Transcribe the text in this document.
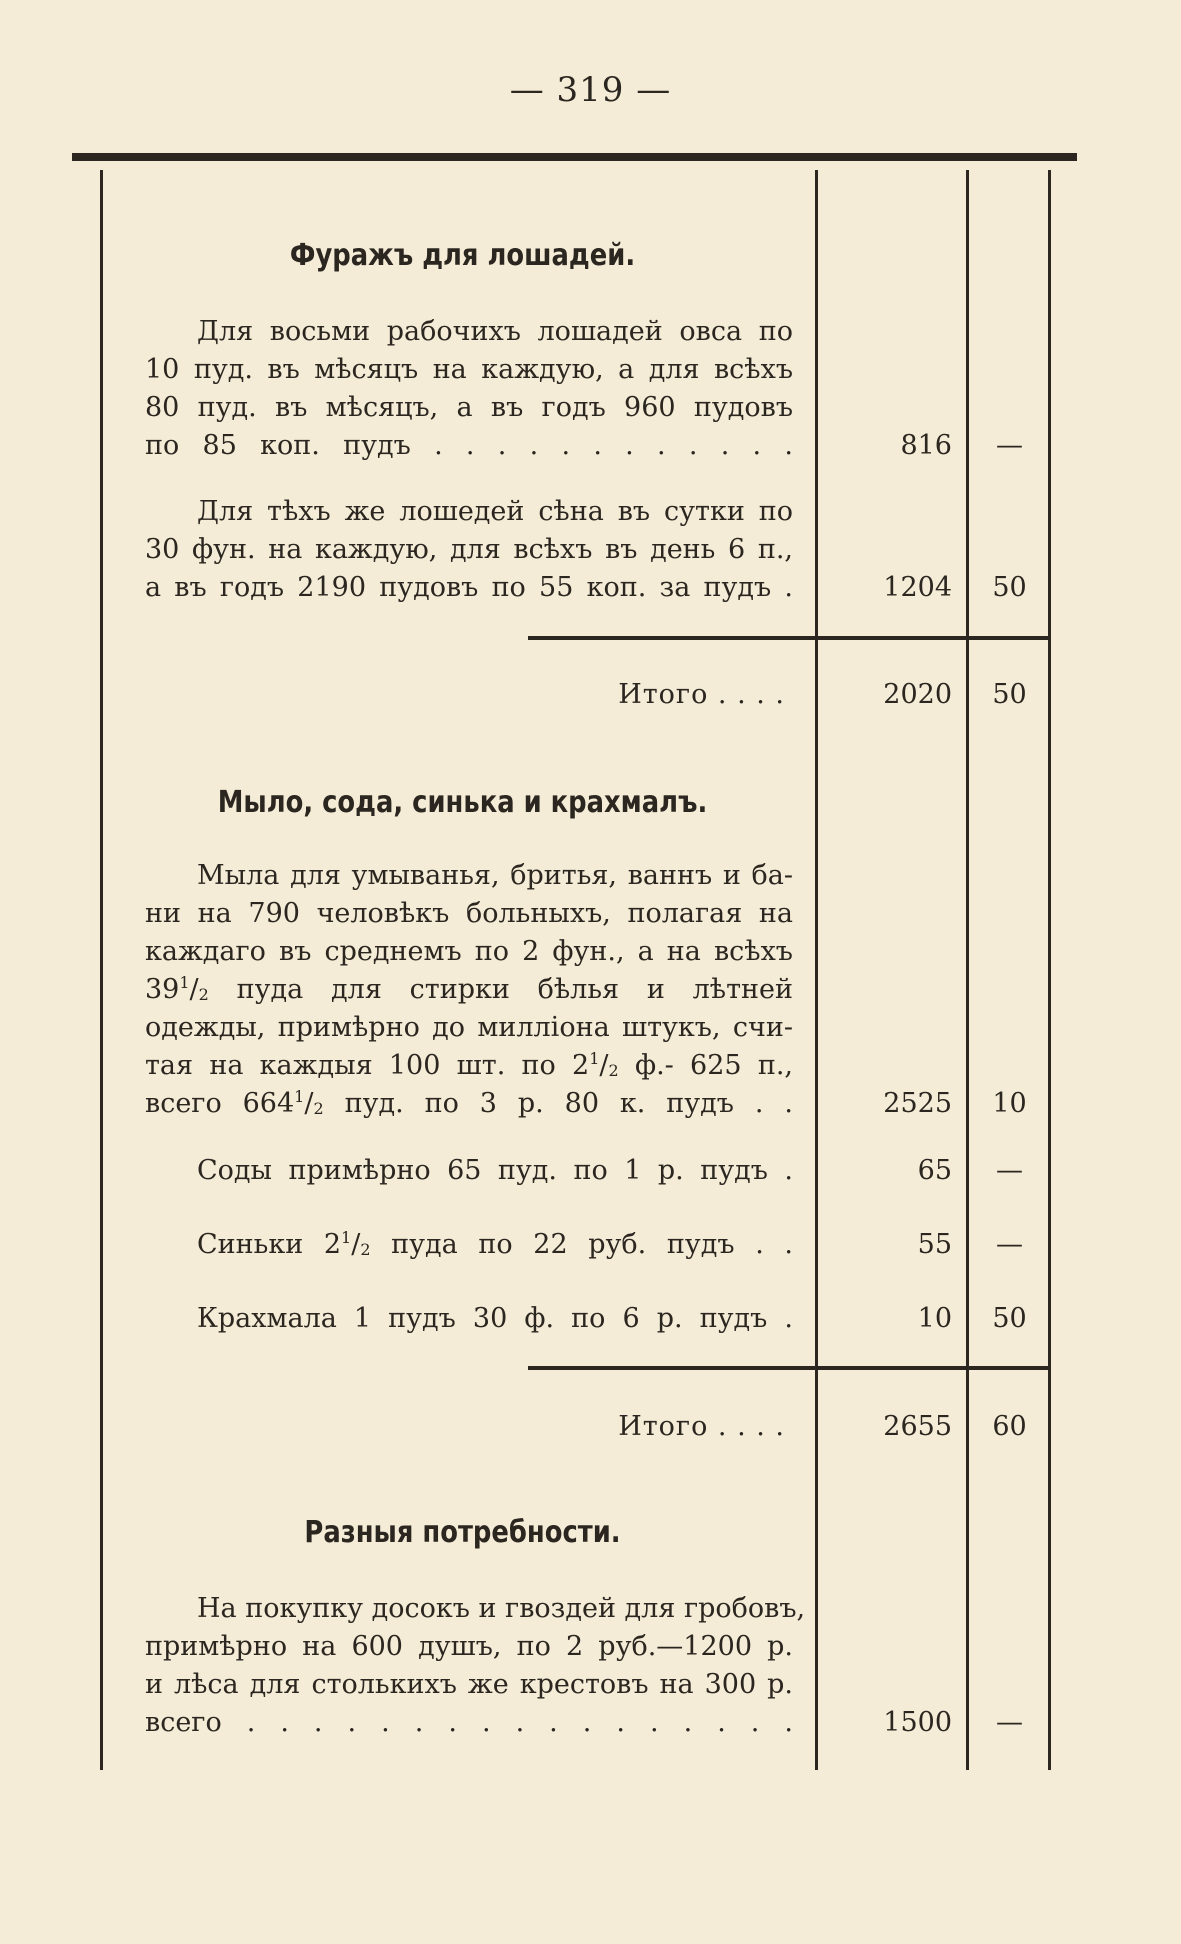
— 319 —
Фуражъ для лошадей.
Для восьми рабочихъ лошадей овса по
10 пуд. въ мѣсяцъ на каждую, а для всѣхъ
80 пуд. въ мѣсяцъ, а въ годъ 960 пудовъ
по 85 коп. пудъ . . . . . . . . . . . .	816	—
Для тѣхъ же лошедей сѣна въ сутки по
30 фун. на каждую, для всѣхъ въ день 6 п.,
а въ годъ 2190 пудовъ по 55 коп. за пудъ .	1204	50
Итого . . . .	2020	50
Мыло, сода, синька и крахмалъ.
Мыла для умыванья, бритья, ваннъ и ба-
ни на 790 человѣкъ больныхъ, полагая на
каждаго въ среднемъ по 2 фун., а на всѣхъ
$39^1/_2$ пуда для стирки бѣлья и лѣтней
одежды, примѣрно до милліона штукъ, счи-
тая на каждыя 100 шт. по $2^1/_2$ ф.- 625 п.,
всего $664^1/_2$ пуд. по 3 р. 80 к. пудъ . .	2525	10
Соды примѣрно 65 пуд. по 1 р. пудъ .	65	—
Синьки $2^1/_2$ пуда по 22 руб. пудъ . .	55	—
Крахмала 1 пудъ 30 ф. по 6 р. пудъ .	10	50
Итого . . . .	2655	60
Разныя потребности.
На покупку досокъ и гвоздей для гробовъ,
примѣрно на 600 душъ, по 2 руб.—1200 р.
и лѣса для столькихъ же крестовъ на 300 р.
всего . . . . . . . . . . . . . . . . .	1500	—
